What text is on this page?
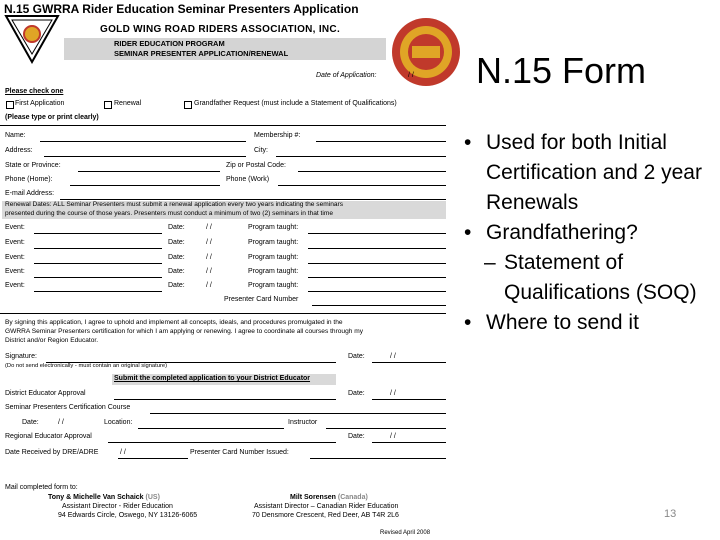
N.15 GWRRA Rider Education Seminar Presenters Application
GOLD WING ROAD RIDERS ASSOCIATION, INC.
RIDER EDUCATION PROGRAM
SEMINAR PRESENTER APPLICATION/RENEWAL
Date of Application:	/ /
Please check one
First Application	Renewal	Grandfather Request (must include a Statement of Qualifications)
(Please type or print clearly)
Name:	Membership #:
Address:	City:
State or Province:	Zip or Postal Code:
Phone (Home):	Phone (Work)
E-mail Address:
Renewal Dates: ALL Seminar Presenters must submit a renewal application every two years indicating the seminars
presented during the course of those years. Presenters must conduct a minimum of two (2) seminars in that time
Event:	Date:	/ /	Program taught:
Event:	Date:	/ /	Program taught:
Event:	Date:	/ /	Program taught:
Event:	Date:	/ /	Program taught:
Event:	Date:	/ /	Program taught:
Presenter Card Number
By signing this application, I agree to uphold and implement all concepts, ideals, and procedures promulgated in the
GWRRA Seminar Presenters certification for which I am applying or renewing. I agree to coordinate all courses through my
District and/or Region Educator.
Signature:	Date:	/ /
(Do not send electronically - must contain an original signature)
Submit the completed application to your District Educator
District Educator Approval	Date:	/ /
Seminar Presenters Certification Course
Date:	/ /	Location:	Instructor
Regional Educator Approval	Date:	/ /
Date Received by DRE/ADRE	/ /	Presenter Card Number Issued:
Mail completed form to:
Tony & Michelle Van Schaick (US)
Assistant Director - Rider Education
94 Edwards Circle, Oswego, NY 13126-6065
Milt Sorensen (Canada)
Assistant Director – Canadian Rider Education
70 Densmore Crescent, Red Deer, AB T4R 2L6
Revised April 2008
N.15 Form
• Used for both Initial Certification and 2 year Renewals
• Grandfathering?
– Statement of Qualifications (SOQ)
• Where to send it
13
